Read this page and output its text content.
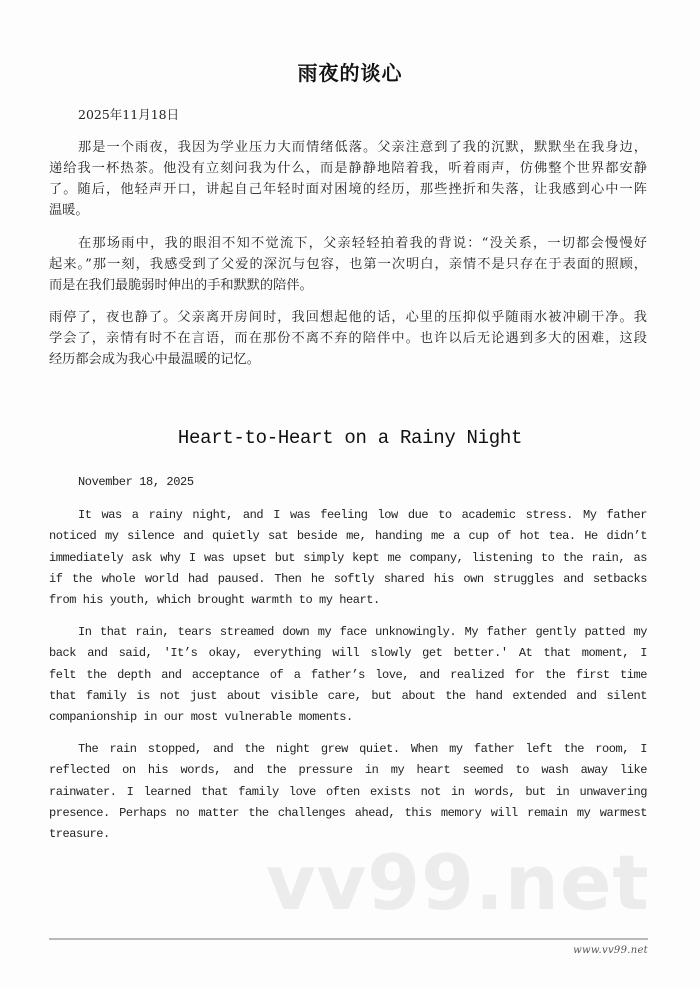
雨夜的谈心
2025年11月18日
那是一个雨夜，我因为学业压力大而情绪低落。父亲注意到了我的沉默，默默坐在我身边，
递给我一杯热茶。他没有立刻问我为什么，而是静静地陪着我，听着雨声，仿佛整个世界都安静
了。随后，他轻声开口，讲起自己年轻时面对困境的经历，那些挫折和失落，让我感到心中一阵
温暖。
在那场雨中，我的眼泪不知不觉流下，父亲轻轻拍着我的背说：“没关系，一切都会慢慢好
起来。”那一刻，我感受到了父爱的深沉与包容，也第一次明白，亲情不是只存在于表面的照顾，
而是在我们最脆弱时伸出的手和默默的陪伴。
雨停了，夜也静了。父亲离开房间时，我回想起他的话，心里的压抑似乎随雨水被冲刷干净。我
学会了，亲情有时不在言语，而在那份不离不弃的陪伴中。也许以后无论遇到多大的困难，这段
经历都会成为我心中最温暖的记忆。
Heart-to-Heart on a Rainy Night
November 18, 2025
It was a rainy night, and I was feeling low due to academic stress. My father
noticed my silence and quietly sat beside me, handing me a cup of hot tea. He didn’t
immediately ask why I was upset but simply kept me company, listening to the rain, as
if the whole world had paused. Then he softly shared his own struggles and setbacks
from his youth, which brought warmth to my heart.
In that rain, tears streamed down my face unknowingly. My father gently patted my
back and said, 'It’s okay, everything will slowly get better.' At that moment, I
felt the depth and acceptance of a father’s love, and realized for the first time
that family is not just about visible care, but about the hand extended and silent
companionship in our most vulnerable moments.
The rain stopped, and the night grew quiet. When my father left the room, I
reflected on his words, and the pressure in my heart seemed to wash away like
rainwater. I learned that family love often exists not in words, but in unwavering
presence. Perhaps no matter the challenges ahead, this memory will remain my warmest
treasure.
vv99.net
www.vv99.net
